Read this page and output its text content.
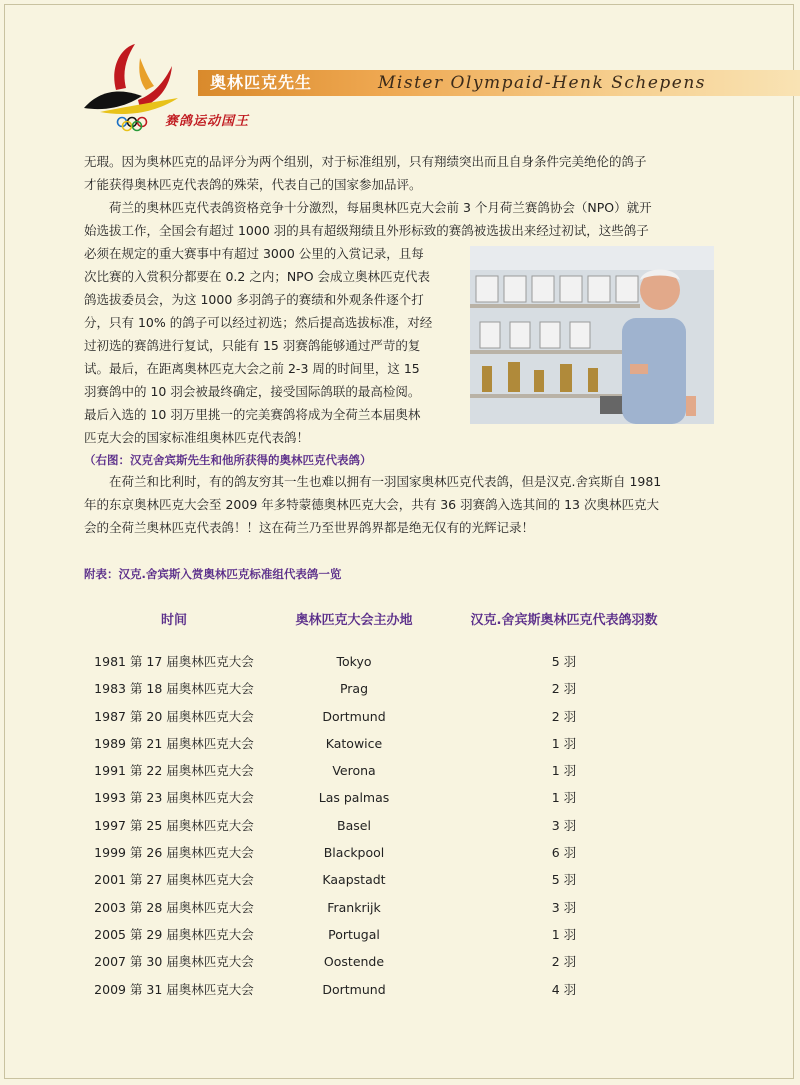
奥林匹克先生	Mister Olympaid-Henk Schepens
赛鸽运动国王

无瑕。因为奥林匹克的品评分为两个组别，对于标准组别，只有翔绩突出而且自身条件完美绝伦的鸽子

才能获得奥林匹克代表鸽的殊荣，代表自己的国家参加品评。

荷兰的奥林匹克代表鸽资格竞争十分激烈，每届奥林匹克大会前 3 个月荷兰赛鸽协会（NPO）就开

始选拔工作，全国会有超过 1000 羽的具有超级翔绩且外形标致的赛鸽被选拔出来经过初试，这些鸽子

必须在规定的重大赛事中有超过 3000 公里的入赏记录，且每

次比赛的入赏积分都要在 0.2 之内；NPO 会成立奥林匹克代表

鸽选拔委员会，为这 1000 多羽鸽子的赛绩和外观条件逐个打

分，只有 10% 的鸽子可以经过初选；然后提高选拔标准，对经

过初选的赛鸽进行复试，只能有 15 羽赛鸽能够通过严苛的复

试。最后，在距离奥林匹克大会之前 2-3 周的时间里，这 15

羽赛鸽中的 10 羽会被最终确定，接受国际鸽联的最高检阅。

最后入选的 10 羽万里挑一的完美赛鸽将成为全荷兰本届奥林

匹克大会的国家标准组奥林匹克代表鸽！

（右图：汉克舍宾斯先生和他所获得的奥林匹克代表鸽）

在荷兰和比利时，有的鸽友穷其一生也难以拥有一羽国家奥林匹克代表鸽，但是汉克.舍宾斯自 1981

年的东京奥林匹克大会至 2009 年多特蒙德奥林匹克大会，共有 36 羽赛鸽入选其间的 13 次奥林匹克大

会的全荷兰奥林匹克代表鸽！！这在荷兰乃至世界鸽界都是绝无仅有的光辉记录！

附表：汉克.舍宾斯入赏奥林匹克标准组代表鸽一览
时间	奥林匹克大会主办地	汉克.舍宾斯奥林匹克代表鸽羽数
1981 第 17 届奥林匹克大会	Tokyo	5 羽
1983 第 18 届奥林匹克大会	Prag	2 羽
1987 第 20 届奥林匹克大会	Dortmund	2 羽
1989 第 21 届奥林匹克大会	Katowice	1 羽
1991 第 22 届奥林匹克大会	Verona	1 羽
1993 第 23 届奥林匹克大会	Las palmas	1 羽
1997 第 25 届奥林匹克大会	Basel	3 羽
1999 第 26 届奥林匹克大会	Blackpool	6 羽
2001 第 27 届奥林匹克大会	Kaapstadt	5 羽
2003 第 28 届奥林匹克大会	Frankrijk	3 羽
2005 第 29 届奥林匹克大会	Portugal	1 羽
2007 第 30 届奥林匹克大会	Oostende	2 羽
2009 第 31 届奥林匹克大会	Dortmund	4 羽
